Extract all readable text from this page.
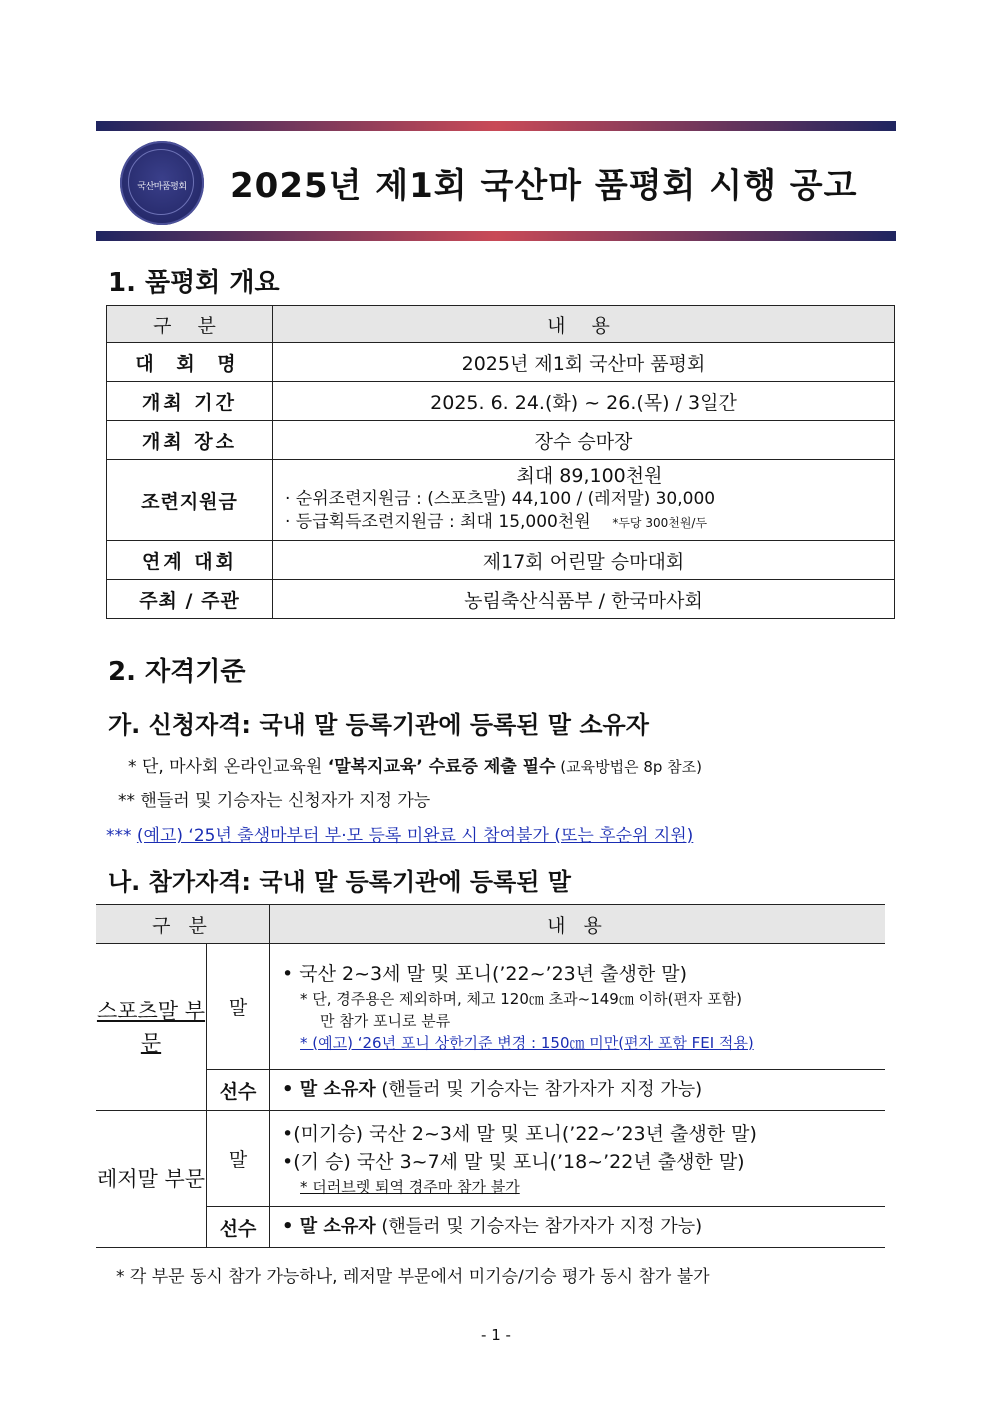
국산마품평회	2025년 제1회 국산마 품평회 시행 공고
1. 품평회 개요
구 분	내 용
대 회 명	2025년 제1회 국산마 품평회
개최 기간	2025. 6. 24.(화) ~ 26.(목) / 3일간
개최 장소	장수 승마장
조련지원금	최대 89,100천원
· 순위조련지원금 : (스포츠말) 44,100 / (레저말) 30,000
· 등급획득조련지원금 : 최대 15,000천원 *두당 300천원/두

연계 대회	제17회 어린말 승마대회
주최 / 주관	농림축산식품부 / 한국마사회
2. 자격기준
가. 신청자격: 국내 말 등록기관에 등록된 말 소유자
* 단, 마사회 온라인교육원 ‘말복지교육’ 수료증 제출 필수 (교육방법은 8p 참조)
** 핸들러 및 기승자는 신청자가 지정 가능
*** (예고) ‘25년 출생마부터 부·모 등록 미완료 시 참여불가 (또는 후순위 지원)
나. 참가자격: 국내 말 등록기관에 등록된 말
구 분		내 용
스포츠말 부문	말	• 국산 2~3세 말 및 포니(’22~’23년 출생한 말)
* 단, 경주용은 제외하며, 체고 120㎝ 초과~149㎝ 이하(편자 포함)
만 참가 포니로 분류
* (예고) ‘26년 포니 상한기준 변경 : 150㎝ 미만(편자 포함 FEI 적용)

	선수	• 말 소유자 (핸들러 및 기승자는 참가자가 지정 가능)
레저말 부문	말	•(미기승) 국산 2~3세 말 및 포니(’22~’23년 출생한 말)
•(기 승) 국산 3~7세 말 및 포니(’18~’22년 출생한 말)
* 더러브렛 퇴역 경주마 참가 불가

	선수	• 말 소유자 (핸들러 및 기승자는 참가자가 지정 가능)
* 각 부문 동시 참가 가능하나, 레저말 부문에서 미기승/기승 평가 동시 참가 불가
- 1 -
